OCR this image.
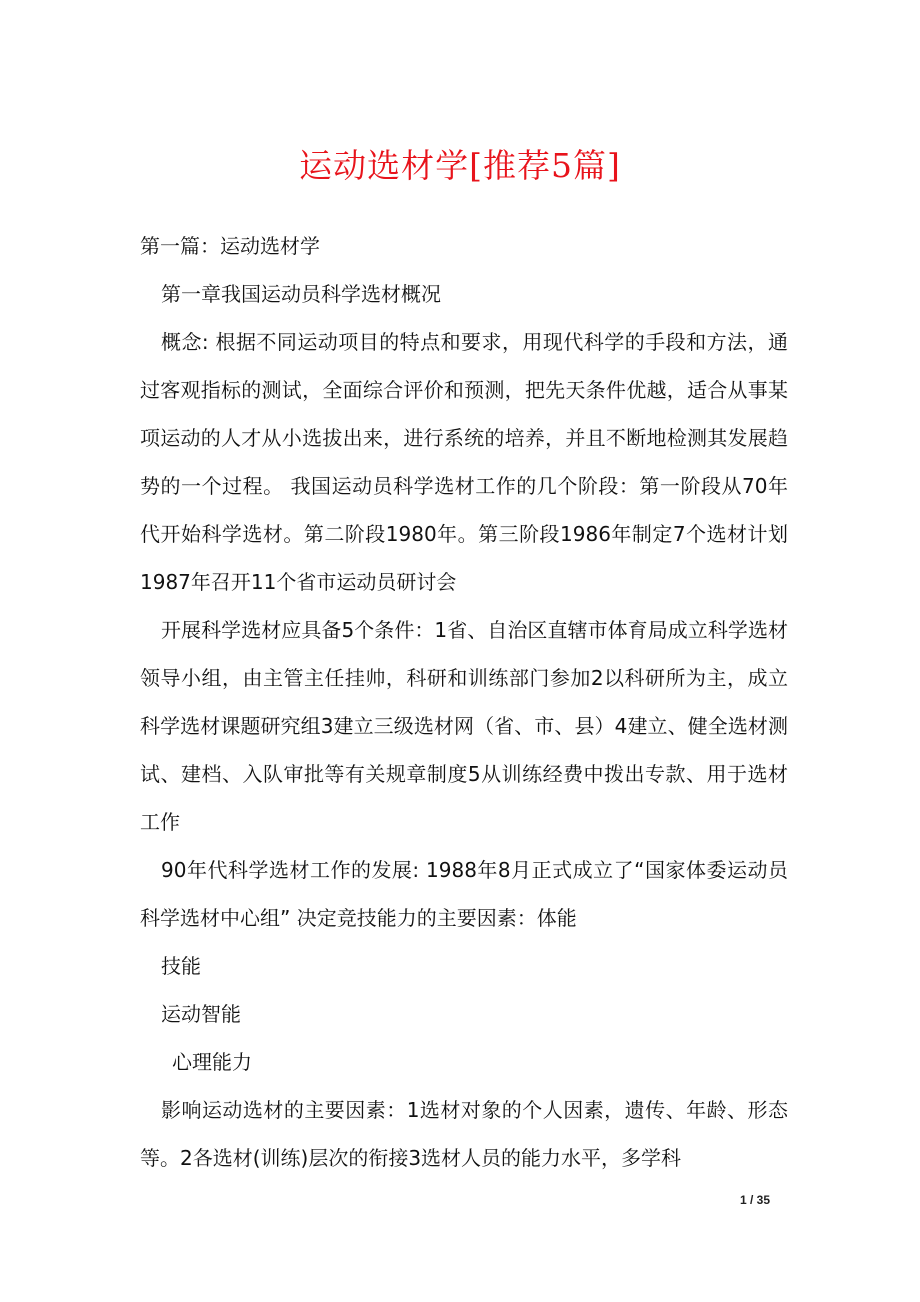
运动选材学[推荐5篇]

第一篇：运动选材学

第一章我国运动员科学选材概况

概念: 根据不同运动项目的特点和要求，用现代科学的手段和方法，通过客观指标的测试，全面综合评价和预测，把先天条件优越，适合从事某项运动的人才从小选拔出来，进行系统的培养，并且不断地检测其发展趋势的一个过程。 我国运动员科学选材工作的几个阶段：第一阶段从70年代开始科学选材。第二阶段1980年。第三阶段1986年制定7个选材计划 1987年召开11个省市运动员研讨会

开展科学选材应具备5个条件：1省、自治区直辖市体育局成立科学选材领导小组，由主管主任挂帅，科研和训练部门参加2以科研所为主，成立科学选材课题研究组3建立三级选材网（省、市、县）4建立、健全选材测试、建档、入队审批等有关规章制度5从训练经费中拨出专款、用于选材工作

90年代科学选材工作的发展: 1988年8月正式成立了“国家体委运动员科学选材中心组” 决定竞技能力的主要因素：体能

技能

运动智能

心理能力

影响运动选材的主要因素：1选材对象的个人因素，遗传、年龄、形态等。2各选材(训练)层次的衔接3选材人员的能力水平，多学科

1 / 35
